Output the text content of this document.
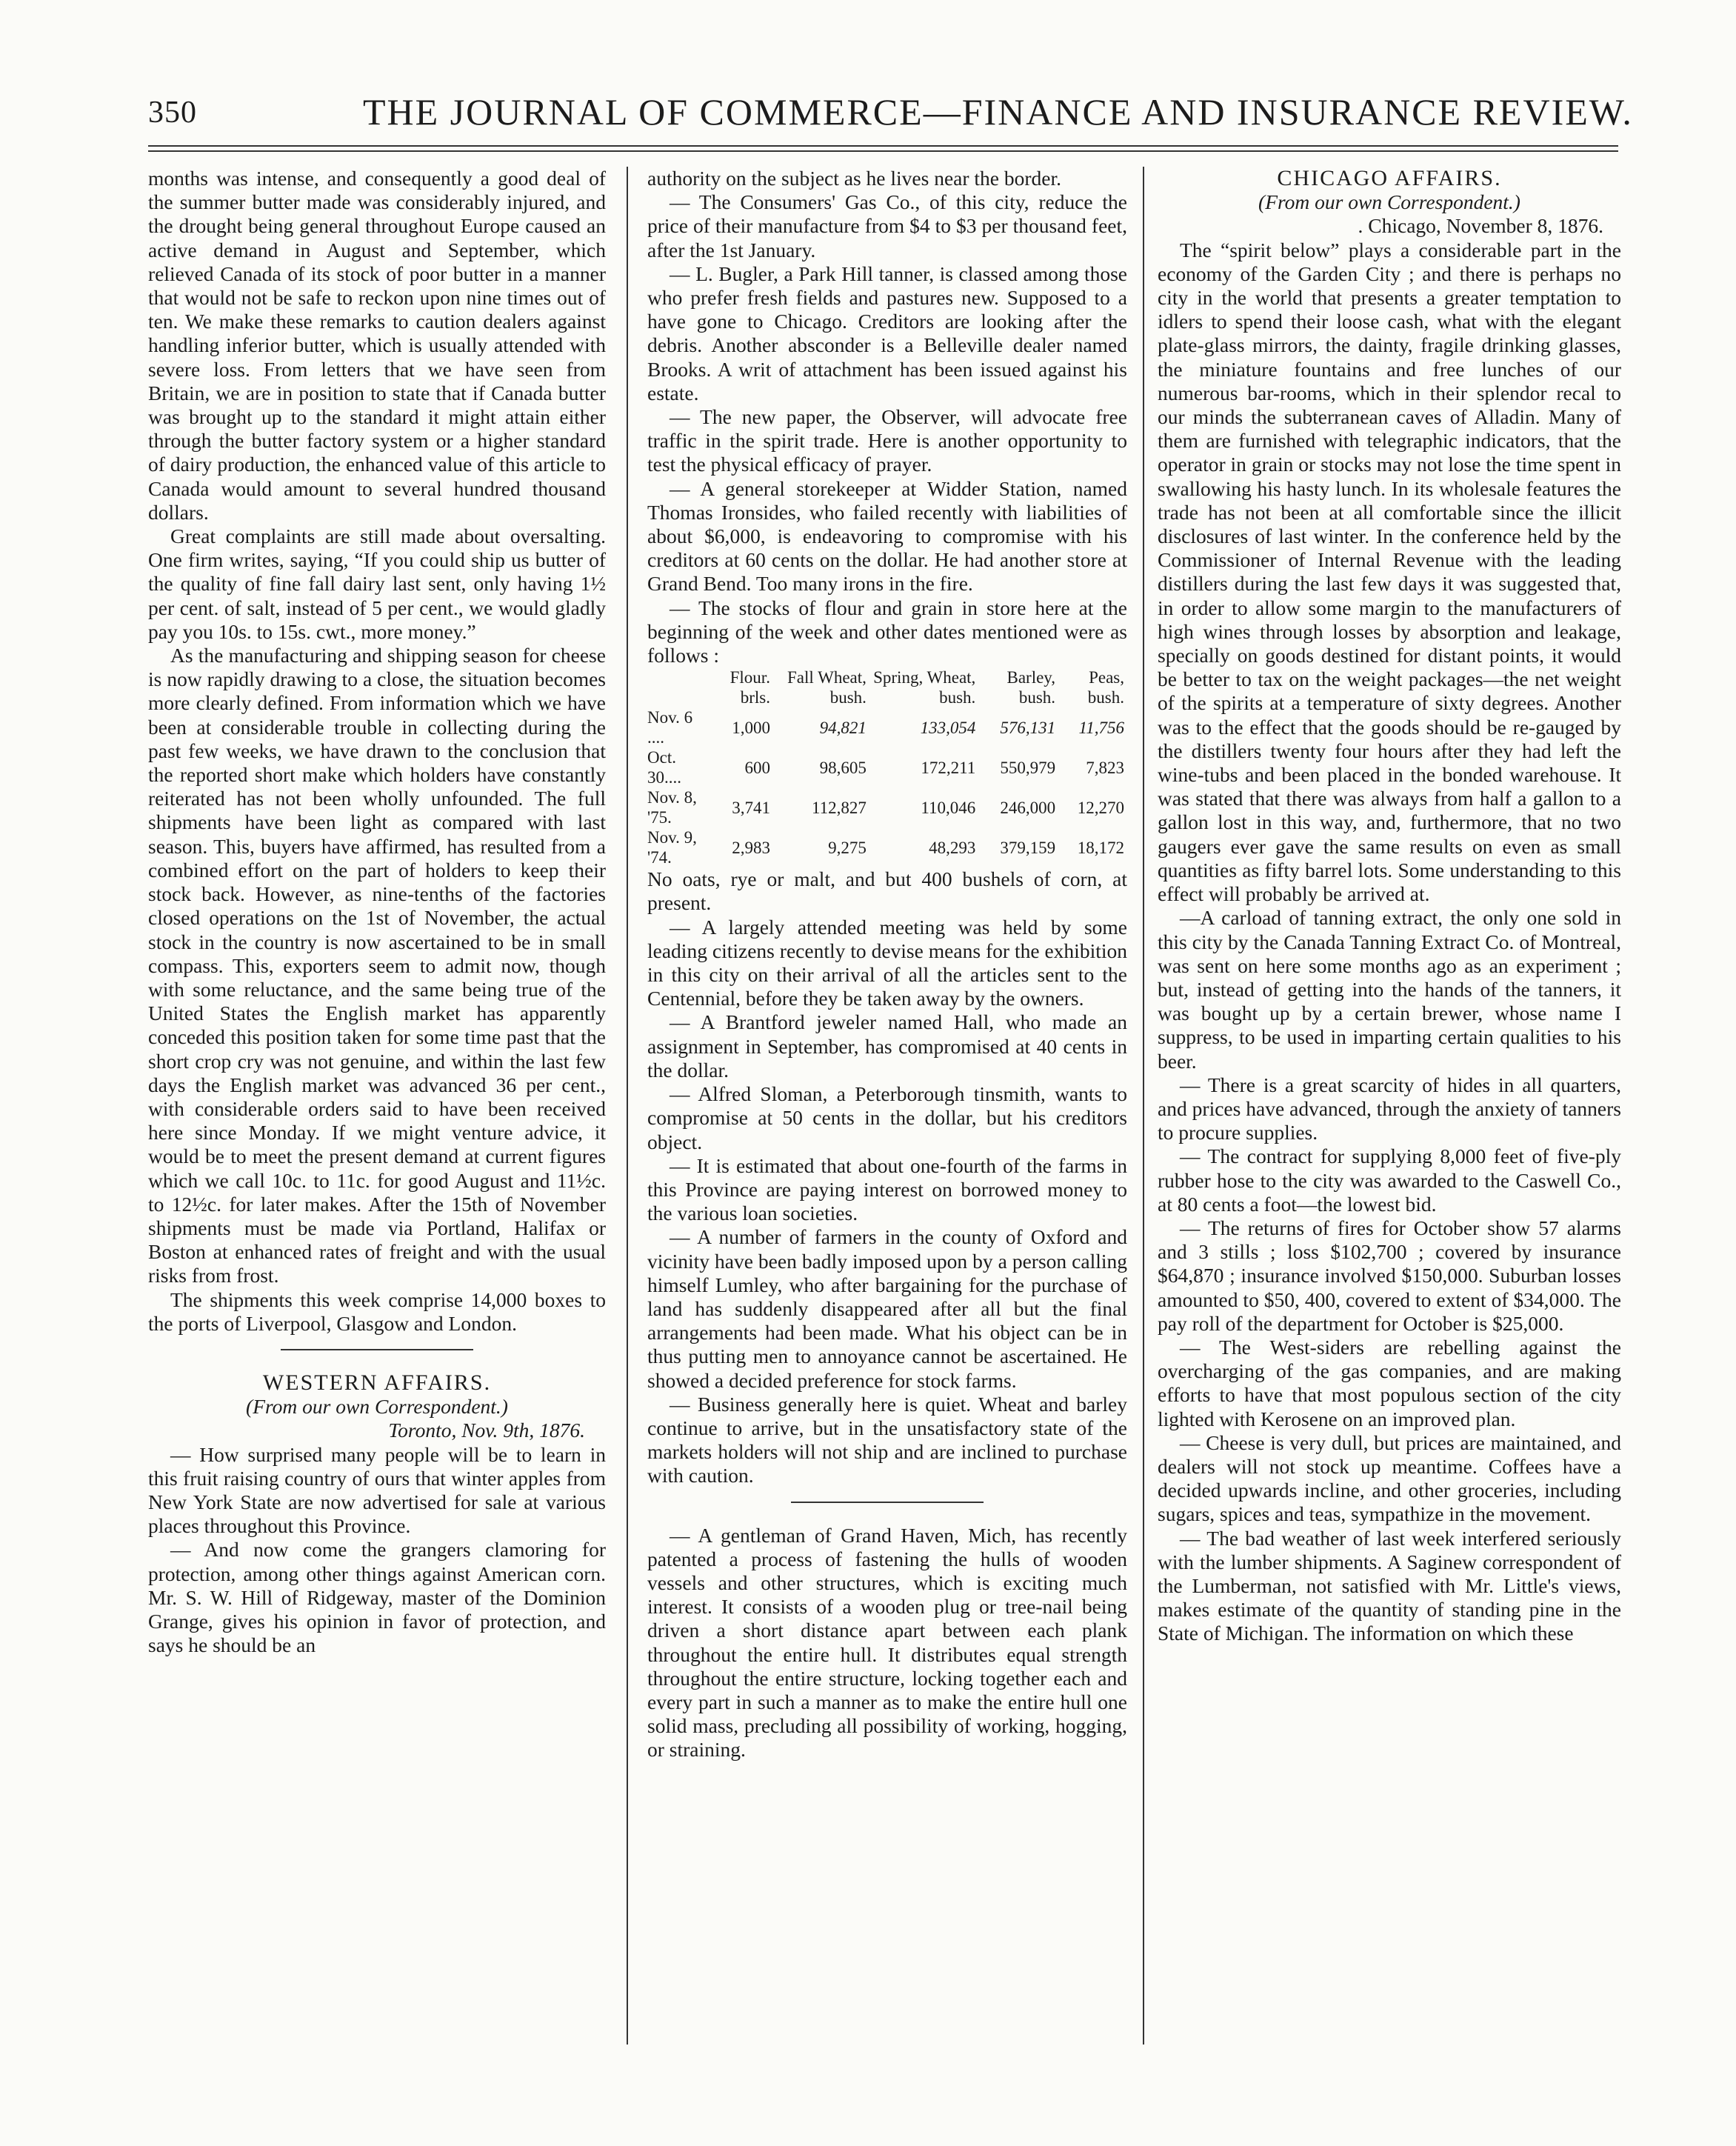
350	THE JOURNAL OF COMMERCE—FINANCE AND INSURANCE REVIEW.

months was intense, and consequently a good deal of the summer butter made was considerably injured, and the drought being general throughout Europe caused an active demand in August and September, which relieved Canada of its stock of poor butter in a manner that would not be safe to reckon upon nine times out of ten. We make these remarks to caution dealers against handling inferior butter, which is usually attended with severe loss. From letters that we have seen from Britain, we are in position to state that if Canada butter was brought up to the standard it might attain either through the butter factory system or a higher standard of dairy production, the enhanced value of this article to Canada would amount to several hundred thousand dollars.

Great complaints are still made about oversalting. One firm writes, saying, “If you could ship us butter of the quality of fine fall dairy last sent, only having 1½ per cent. of salt, instead of 5 per cent., we would gladly pay you 10s. to 15s. cwt., more money.”

As the manufacturing and shipping season for cheese is now rapidly drawing to a close, the situation becomes more clearly defined. From information which we have been at considerable trouble in collecting during the past few weeks, we have drawn to the conclusion that the reported short make which holders have constantly reiterated has not been wholly unfounded. The full shipments have been light as compared with last season. This, buyers have affirmed, has resulted from a combined effort on the part of holders to keep their stock back. However, as nine-tenths of the factories closed operations on the 1st of November, the actual stock in the country is now ascertained to be in small compass. This, exporters seem to admit now, though with some reluctance, and the same being true of the United States the English market has apparently conceded this position taken for some time past that the short crop cry was not genuine, and within the last few days the English market was advanced 36 per cent., with considerable orders said to have been received here since Monday. If we might venture advice, it would be to meet the present demand at current figures which we call 10c. to 11c. for good August and 11½c. to 12½c. for later makes. After the 15th of November shipments must be made via Portland, Halifax or Boston at enhanced rates of freight and with the usual risks from frost.

The shipments this week comprise 14,000 boxes to the ports of Liverpool, Glasgow and London.

WESTERN AFFAIRS.
(From our own Correspondent.)
Toronto, Nov. 9th, 1876.

— How surprised many people will be to learn in this fruit raising country of ours that winter apples from New York State are now advertised for sale at various places throughout this Province.

— And now come the grangers clamoring for protection, among other things against American corn. Mr. S. W. Hill of Ridgeway, master of the Dominion Grange, gives his opinion in favor of protection, and says he should be an

authority on the subject as he lives near the border.

— The Consumers' Gas Co., of this city, reduce the price of their manufacture from $4 to $3 per thousand feet, after the 1st January.

— L. Bugler, a Park Hill tanner, is classed among those who prefer fresh fields and pastures new. Supposed to a have gone to Chicago. Creditors are looking after the debris. Another absconder is a Belleville dealer named Brooks. A writ of attachment has been issued against his estate.

— The new paper, the Observer, will advocate free traffic in the spirit trade. Here is another opportunity to test the physical efficacy of prayer.

— A general storekeeper at Widder Station, named Thomas Ironsides, who failed recently with liabilities of about $6,000, is endeavoring to compromise with his creditors at 60 cents on the dollar. He had another store at Grand Bend. Too many irons in the fire.

— The stocks of flour and grain in store here at the beginning of the week and other dates mentioned were as follows :

	Flour. brls.	Fall Wheat, bush.	Spring, Wheat, bush.	Barley, bush.	Peas, bush.
Nov. 6 ....	1,000	94,821	133,054	576,131	11,756
Oct. 30....	600	98,605	172,211	550,979	7,823
Nov. 8, '75.	3,741	112,827	110,046	246,000	12,270
Nov. 9, '74.	2,983	9,275	48,293	379,159	18,172

No oats, rye or malt, and but 400 bushels of corn, at present.

— A largely attended meeting was held by some leading citizens recently to devise means for the exhibition in this city on their arrival of all the articles sent to the Centennial, before they be taken away by the owners.

— A Brantford jeweler named Hall, who made an assignment in September, has compromised at 40 cents in the dollar.

— Alfred Sloman, a Peterborough tinsmith, wants to compromise at 50 cents in the dollar, but his creditors object.

— It is estimated that about one-fourth of the farms in this Province are paying interest on borrowed money to the various loan societies.

— A number of farmers in the county of Oxford and vicinity have been badly imposed upon by a person calling himself Lumley, who after bargaining for the purchase of land has suddenly disappeared after all but the final arrangements had been made. What his object can be in thus putting men to annoyance cannot be ascertained. He showed a decided preference for stock farms.

— Business generally here is quiet. Wheat and barley continue to arrive, but in the unsatisfactory state of the markets holders will not ship and are inclined to purchase with caution.

— A gentleman of Grand Haven, Mich, has recently patented a process of fastening the hulls of wooden vessels and other structures, which is exciting much interest. It consists of a wooden plug or tree-nail being driven a short distance apart between each plank throughout the entire hull. It distributes equal strength throughout the entire structure, locking together each and every part in such a manner as to make the entire hull one solid mass, precluding all possibility of working, hogging, or straining.

CHICAGO AFFAIRS.
(From our own Correspondent.)
. Chicago, November 8, 1876.

The “spirit below” plays a considerable part in the economy of the Garden City ; and there is perhaps no city in the world that presents a greater temptation to idlers to spend their loose cash, what with the elegant plate-glass mirrors, the dainty, fragile drinking glasses, the miniature fountains and free lunches of our numerous bar-rooms, which in their splendor recal to our minds the subterranean caves of Alladin. Many of them are furnished with telegraphic indicators, that the operator in grain or stocks may not lose the time spent in swallowing his hasty lunch. In its wholesale features the trade has not been at all comfortable since the illicit disclosures of last winter. In the conference held by the Commissioner of Internal Revenue with the leading distillers during the last few days it was suggested that, in order to allow some margin to the manufacturers of high wines through losses by absorption and leakage, specially on goods destined for distant points, it would be better to tax on the weight packages—the net weight of the spirits at a temperature of sixty degrees. Another was to the effect that the goods should be re-gauged by the distillers twenty four hours after they had left the wine-tubs and been placed in the bonded warehouse. It was stated that there was always from half a gallon to a gallon lost in this way, and, furthermore, that no two gaugers ever gave the same results on even as small quantities as fifty barrel lots. Some understanding to this effect will probably be arrived at.

—A carload of tanning extract, the only one sold in this city by the Canada Tanning Extract Co. of Montreal, was sent on here some months ago as an experiment ; but, instead of getting into the hands of the tanners, it was bought up by a certain brewer, whose name I suppress, to be used in imparting certain qualities to his beer.

— There is a great scarcity of hides in all quarters, and prices have advanced, through the anxiety of tanners to procure supplies.

— The contract for supplying 8,000 feet of five-ply rubber hose to the city was awarded to the Caswell Co., at 80 cents a foot—the lowest bid.

— The returns of fires for October show 57 alarms and 3 stills ; loss $102,700 ; covered by insurance $64,870 ; insurance involved $150,000. Suburban losses amounted to $50, 400, covered to extent of $34,000. The pay roll of the department for October is $25,000.

— The West-siders are rebelling against the overcharging of the gas companies, and are making efforts to have that most populous section of the city lighted with Kerosene on an improved plan.

— Cheese is very dull, but prices are maintained, and dealers will not stock up meantime. Coffees have a decided upwards incline, and other groceries, including sugars, spices and teas, sympathize in the movement.

— The bad weather of last week interfered seriously with the lumber shipments. A Saginew correspondent of the Lumberman, not satisfied with Mr. Little's views, makes estimate of the quantity of standing pine in the State of Michigan. The information on which these
